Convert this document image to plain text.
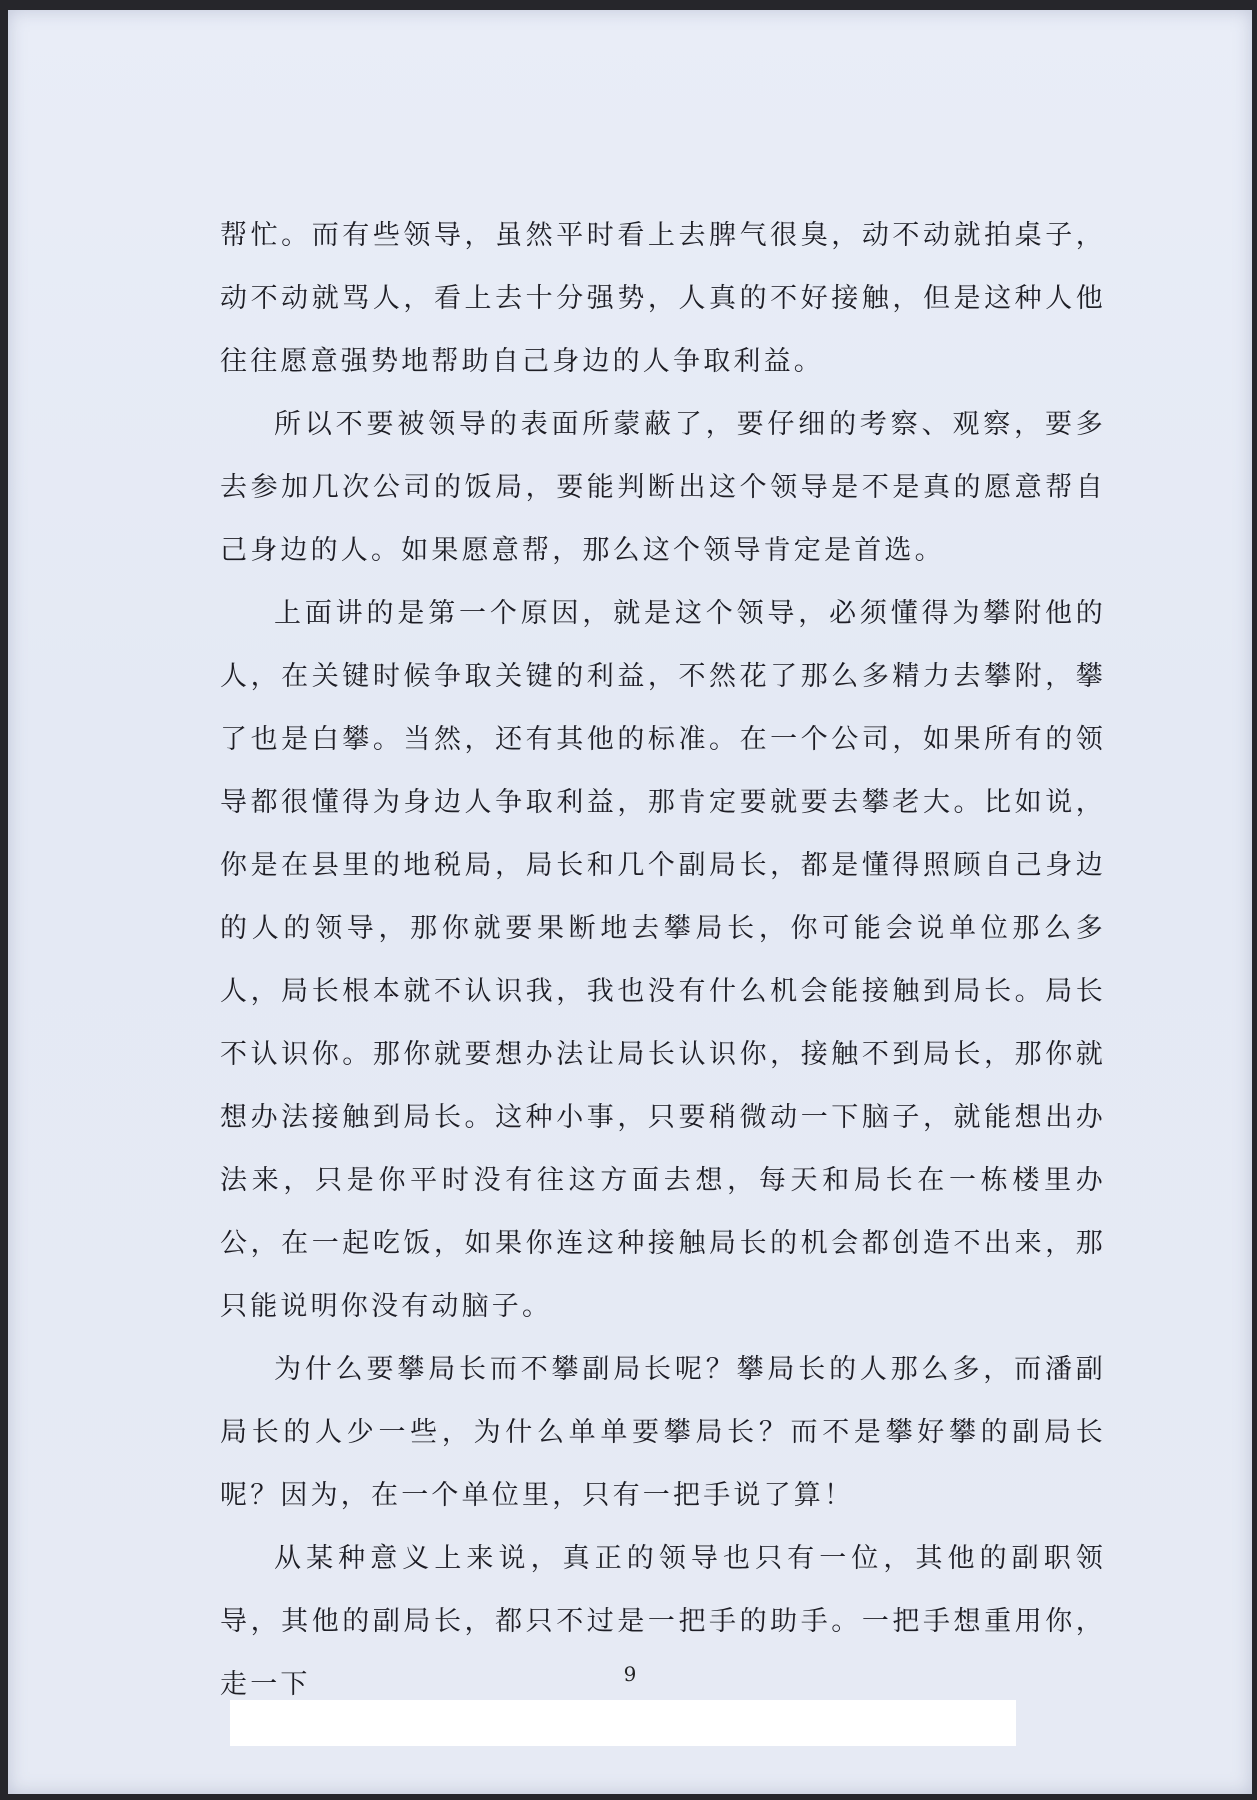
帮忙。而有些领导，虽然平时看上去脾气很臭，动不动就拍桌子，动不动就骂人，看上去十分强势，人真的不好接触，但是这种人他往往愿意强势地帮助自己身边的人争取利益。

所以不要被领导的表面所蒙蔽了，要仔细的考察、观察，要多去参加几次公司的饭局，要能判断出这个领导是不是真的愿意帮自己身边的人。如果愿意帮，那么这个领导肯定是首选。

上面讲的是第一个原因，就是这个领导，必须懂得为攀附他的人，在关键时候争取关键的利益，不然花了那么多精力去攀附，攀了也是白攀。当然，还有其他的标准。在一个公司，如果所有的领导都很懂得为身边人争取利益，那肯定要就要去攀老大。比如说，你是在县里的地税局，局长和几个副局长，都是懂得照顾自己身边的人的领导，那你就要果断地去攀局长，你可能会说单位那么多人，局长根本就不认识我，我也没有什么机会能接触到局长。局长不认识你。那你就要想办法让局长认识你，接触不到局长，那你就想办法接触到局长。这种小事，只要稍微动一下脑子，就能想出办法来，只是你平时没有往这方面去想，每天和局长在一栋楼里办公，在一起吃饭，如果你连这种接触局长的机会都创造不出来，那只能说明你没有动脑子。

为什么要攀局长而不攀副局长呢？攀局长的人那么多，而潘副局长的人少一些，为什么单单要攀局长？而不是攀好攀的副局长呢？因为，在一个单位里，只有一把手说了算！

从某种意义上来说，真正的领导也只有一位，其他的副职领导，其他的副局长，都只不过是一把手的助手。一把手想重用你，走一下	9
